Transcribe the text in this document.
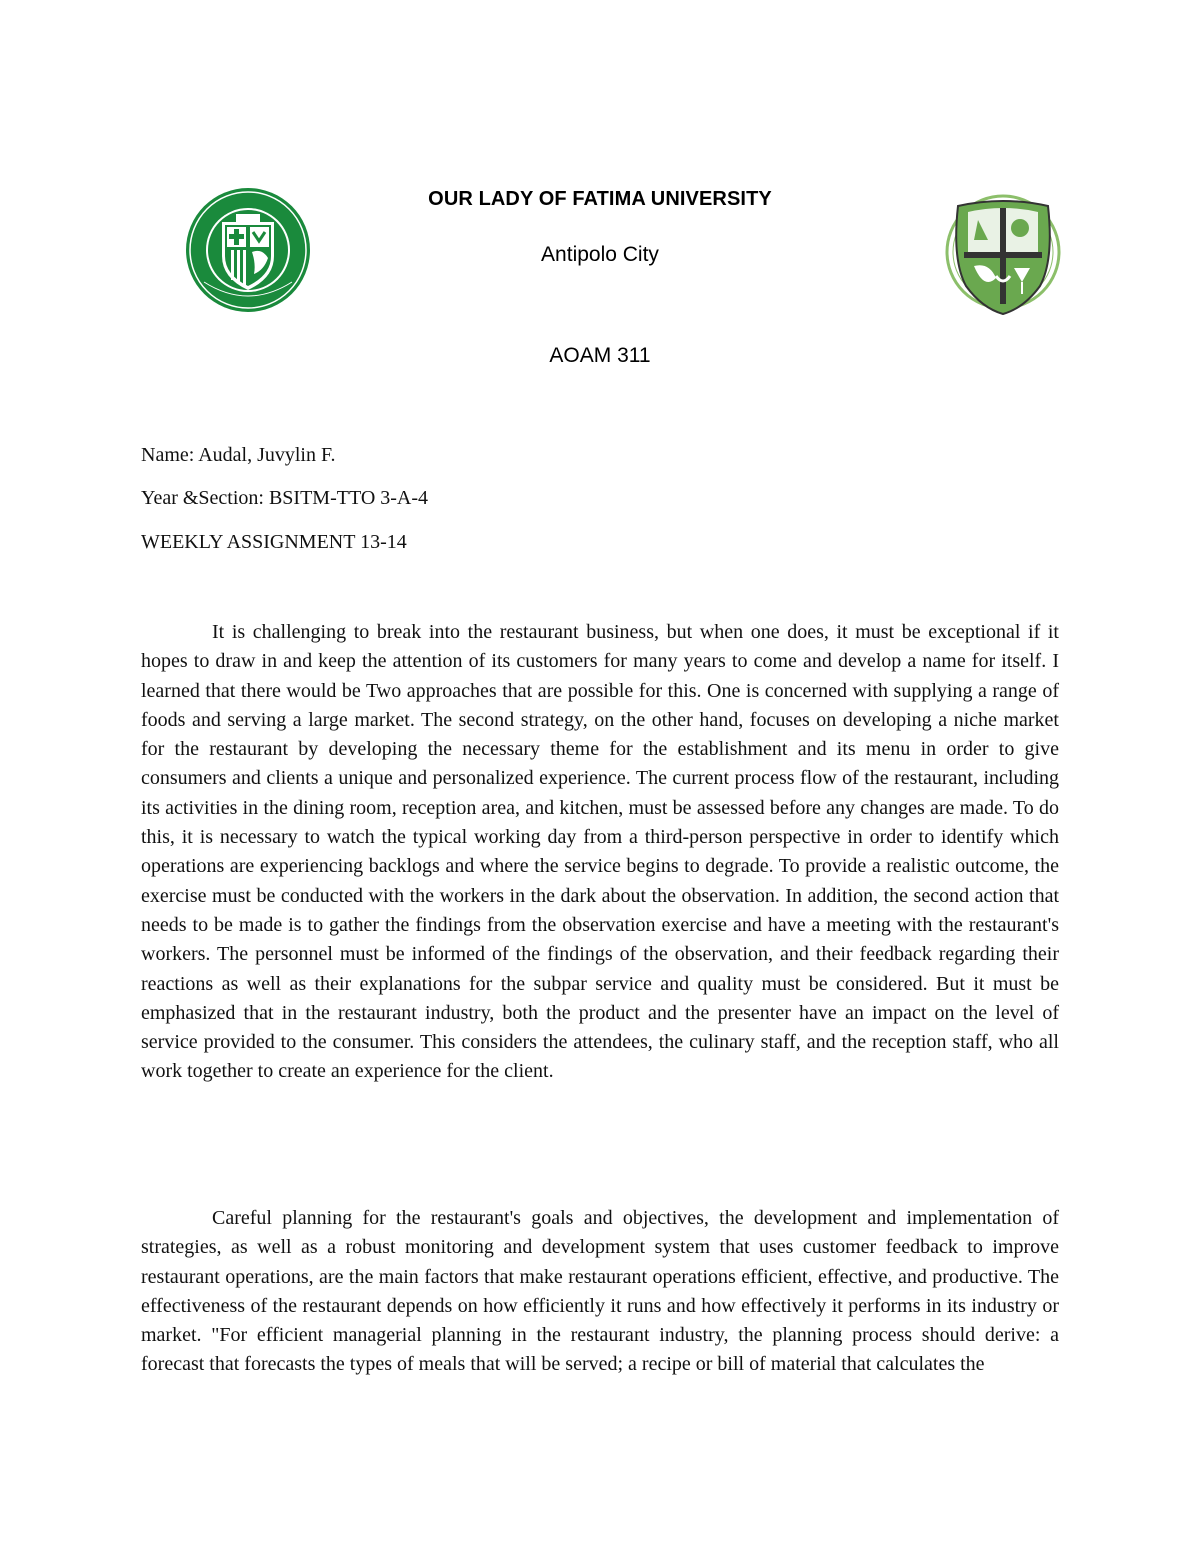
OUR LADY OF FATIMA UNIVERSITY
Antipolo City
AOAM 311
Name: Audal, Juvylin F.
Year &Section: BSITM-TTO 3-A-4
WEEKLY ASSIGNMENT 13-14

It is challenging to break into the restaurant business, but when one does, it must be exceptional if it hopes to draw in and keep the attention of its customers for many years to come and develop a name for itself. I learned that there would be Two approaches that are possible for this. One is concerned with supplying a range of foods and serving a large market. The second strategy, on the other hand, focuses on developing a niche market for the restaurant by developing the necessary theme for the establishment and its menu in order to give consumers and clients a unique and personalized experience. The current process flow of the restaurant, including its activities in the dining room, reception area, and kitchen, must be assessed before any changes are made. To do this, it is necessary to watch the typical working day from a third-person perspective in order to identify which operations are experiencing backlogs and where the service begins to degrade. To provide a realistic outcome, the exercise must be conducted with the workers in the dark about the observation. In addition, the second action that needs to be made is to gather the findings from the observation exercise and have a meeting with the restaurant's workers. The personnel must be informed of the findings of the observation, and their feedback regarding their reactions as well as their explanations for the subpar service and quality must be considered. But it must be emphasized that in the restaurant industry, both the product and the presenter have an impact on the level of service provided to the consumer. This considers the attendees, the culinary staff, and the reception staff, who all work together to create an experience for the client.

Careful planning for the restaurant's goals and objectives, the development and implementation of strategies, as well as a robust monitoring and development system that uses customer feedback to improve restaurant operations, are the main factors that make restaurant operations efficient, effective, and productive. The effectiveness of the restaurant depends on how efficiently it runs and how effectively it performs in its industry or market. "For efficient managerial planning in the restaurant industry, the planning process should derive: a forecast that forecasts the types of meals that will be served; a recipe or bill of material that calculates the
